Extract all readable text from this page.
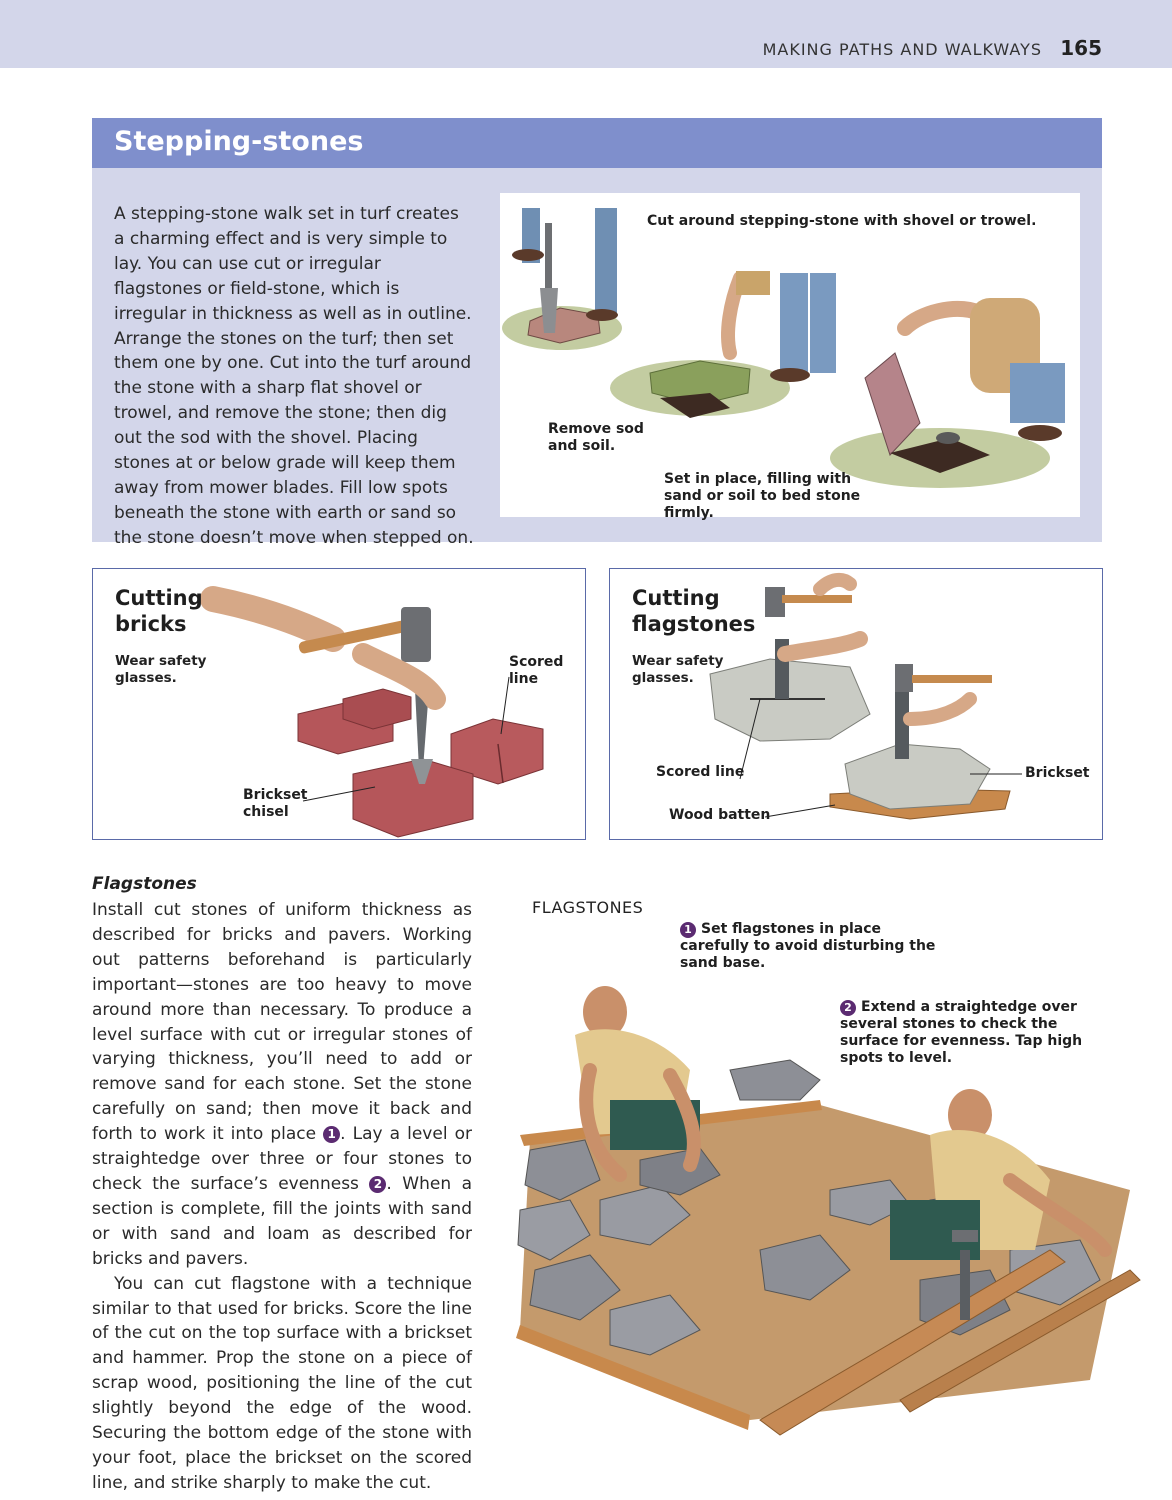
MAKING PATHS AND WALKWAYS 165
Stepping-stones
A stepping-stone walk set in turf creates a charming effect and is very simple to lay. You can use cut or irregular flagstones or field-stone, which is irregular in thickness as well as in outline. Arrange the stones on the turf; then set them one by one. Cut into the turf around the stone with a sharp flat shovel or trowel, and remove the stone; then dig out the sod with the shovel. Placing stones at or below grade will keep them away from mower blades. Fill low spots beneath the stone with earth or sand so the stone doesn’t move when stepped on.
Cut around stepping-stone with shovel or trowel.
Remove sod and soil.
Set in place, filling with sand or soil to bed stone firmly.
Cutting bricks
Wear safety glasses.
Scored line
Brickset chisel
Cutting flagstones
Wear safety glasses.
Scored line	Brickset
Wood batten
Flagstones

Install cut stones of uniform thickness as described for bricks and pavers. Working out patterns beforehand is particularly important—stones are too heavy to move around more than necessary. To produce a level surface with cut or irregular stones of varying thickness, you’ll need to add or remove sand for each stone. Set the stone carefully on sand; then move it back and forth to work it into place 1 . Lay a level or straightedge over three or four stones to check the surface’s evenness 2 . When a section is complete, fill the joints with sand or with sand and loam as described for bricks and pavers.

You can cut flagstone with a technique similar to that used for bricks. Score the line of the cut on the top surface with a brickset and hammer. Prop the stone on a piece of scrap wood, positioning the line of the cut slightly beyond the edge of the wood. Securing the bottom edge of the stone with your foot, place the brickset on the scored line, and strike sharply to make the cut.

FLAGSTONES
1 Set flagstones in place carefully to avoid disturbing the sand base.
2 Extend a straightedge over several stones to check the surface for evenness. Tap high spots to level.
